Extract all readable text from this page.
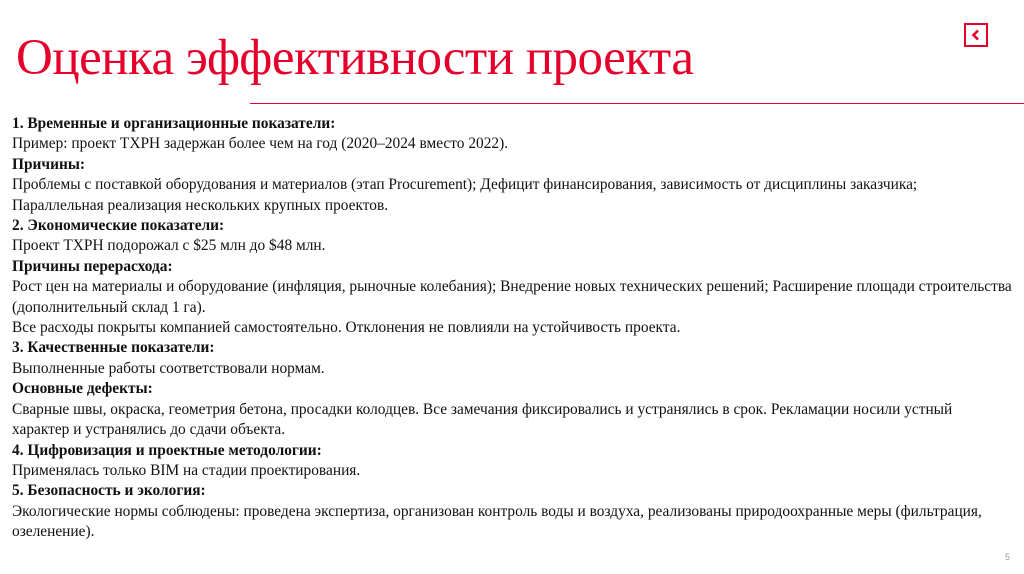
Оценка эффективности проекта

1. Временные и организационные показатели:

Пример: проект ТХРН задержан более чем на год (2020–2024 вместо 2022).

Причины:

Проблемы с поставкой оборудования и материалов (этап Procurement); Дефицит финансирования, зависимость от дисциплины заказчика; Параллельная реализация нескольких крупных проектов.

2. Экономические показатели:

Проект ТХРН подорожал с $25 млн до $48 млн.

Причины перерасхода:

Рост цен на материалы и оборудование (инфляция, рыночные колебания); Внедрение новых технических решений; Расширение площади строительства (дополнительный склад 1 га).

Все расходы покрыты компанией самостоятельно. Отклонения не повлияли на устойчивость проекта.

3. Качественные показатели:

Выполненные работы соответствовали нормам.

Основные дефекты:

Сварные швы, окраска, геометрия бетона, просадки колодцев. Все замечания фиксировались и устранялись в срок. Рекламации носили устный характер и устранялись до сдачи объекта.

4. Цифровизация и проектные методологии:

Применялась только BIM на стадии проектирования.

5. Безопасность и экология:

Экологические нормы соблюдены: проведена экспертиза, организован контроль воды и воздуха, реализованы природоохранные меры (фильтрация, озеленение).

5
